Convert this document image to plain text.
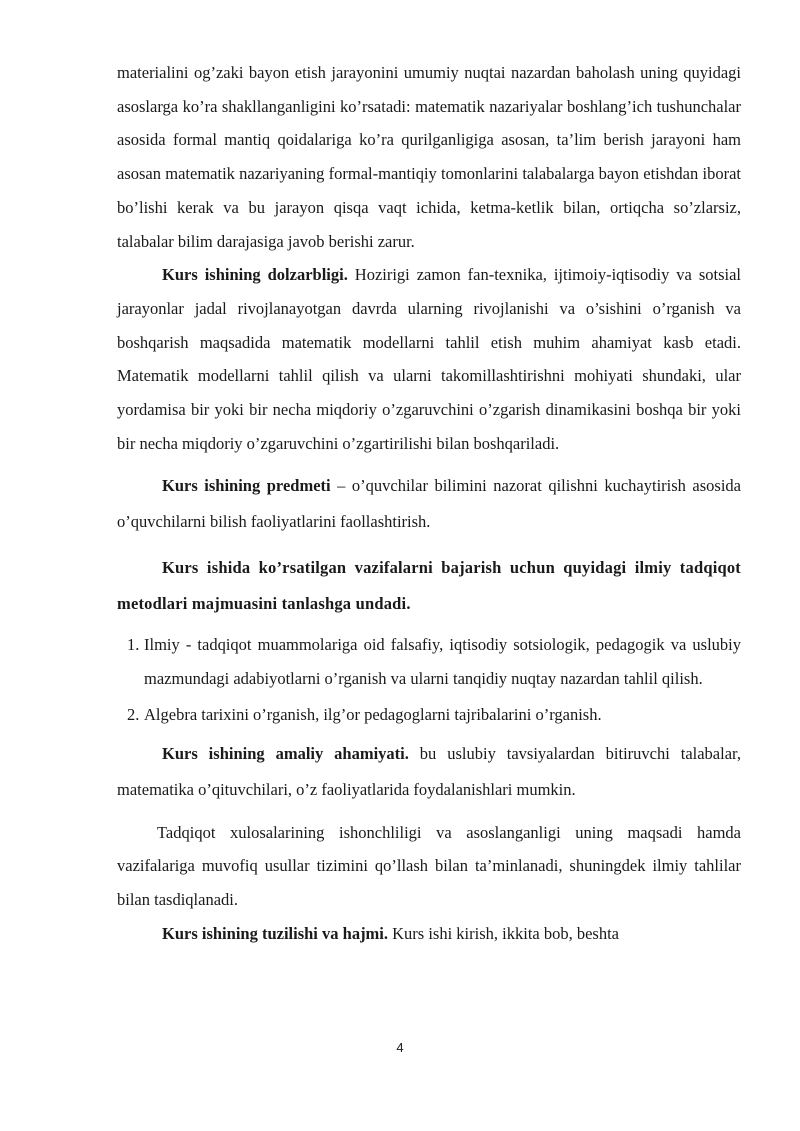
materialini og’zaki bayon etish jarayonini umumiy nuqtai nazardan baholash uning quyidagi asoslarga ko’ra shakllanganligini ko’rsatadi: matematik nazariyalar boshlang’ich tushunchalar asosida formal mantiq qoidalariga ko’ra qurilganligiga asosan, ta’lim berish jarayoni ham asosan matematik nazariyaning formal-mantiqiy tomonlarini talabalarga bayon etishdan iborat bo’lishi kerak va bu jarayon qisqa vaqt ichida, ketma-ketlik bilan, ortiqcha so’zlarsiz, talabalar bilim darajasiga javob berishi zarur.

Kurs ishining dolzarbligi. Hozirigi zamon fan-texnika, ijtimoiy-iqtisodiy va sotsial jarayonlar jadal rivojlanayotgan davrda ularning rivojlanishi va o’sishini o’rganish va boshqarish maqsadida matematik modellarni tahlil etish muhim ahamiyat kasb etadi. Matematik modellarni tahlil qilish va ularni takomillashtirishni mohiyati shundaki, ular yordamisa bir yoki bir necha miqdoriy o’zgaruvchini o’zgarish dinamikasini boshqa bir yoki bir necha miqdoriy o’zgaruvchini o’zgartirilishi bilan boshqariladi.

Kurs ishining predmeti – o’quvchilar bilimini nazorat qilishni kuchaytirish asosida o’quvchilarni bilish faoliyatlarini faollashtirish.

Kurs ishida ko’rsatilgan vazifalarni bajarish uchun quyidagi ilmiy tadqiqot metodlari majmuasini tanlashga undadi.

1. Ilmiy - tadqiqot muammolariga oid falsafiy, iqtisodiy sotsiologik, pedagogik va uslubiy mazmundagi adabiyotlarni o’rganish va ularni tanqidiy nuqtay nazardan tahlil qilish.
2. Algebra tarixini o’rganish, ilg’or pedagoglarni tajribalarini o’rganish.

Kurs ishining amaliy ahamiyati. bu uslubiy tavsiyalardan bitiruvchi talabalar, matematika o’qituvchilari, o’z faoliyatlarida foydalanishlari mumkin.

Tadqiqot xulosalarining ishonchliligi va asoslanganligi uning maqsadi hamda vazifalariga muvofiq usullar tizimini qo’llash bilan ta’minlanadi, shuningdek ilmiy tahlilar bilan tasdiqlanadi.

Kurs ishining tuzilishi va hajmi. Kurs ishi kirish, ikkita bob, beshta

4
